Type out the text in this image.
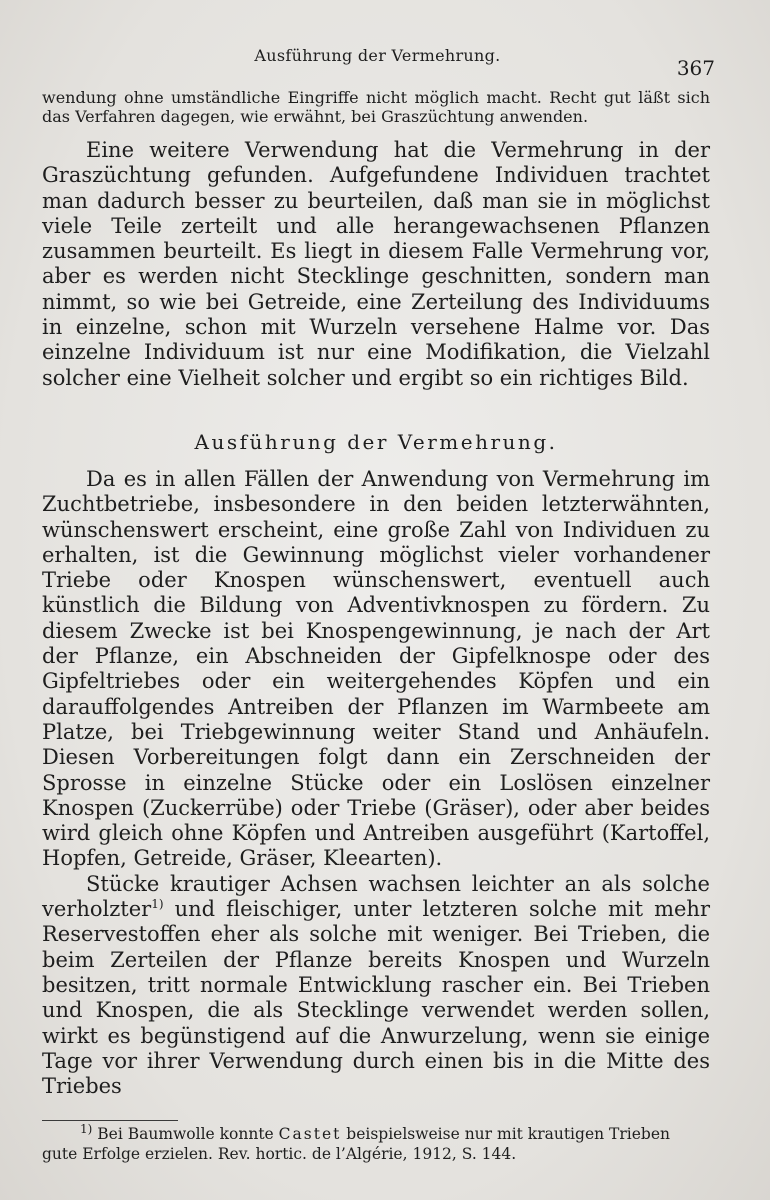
Ausführung der Vermehrung.
367

wendung ohne umständliche Eingriffe nicht möglich macht. Recht gut läßt sich das Verfahren dagegen, wie erwähnt, bei Graszüchtung anwenden.

Eine weitere Verwendung hat die Vermehrung in der Graszüchtung gefunden. Aufgefundene Individuen trachtet man dadurch besser zu beurteilen, daß man sie in möglichst viele Teile zerteilt und alle herangewachsenen Pflanzen zusammen beurteilt. Es liegt in diesem Falle Vermehrung vor, aber es werden nicht Stecklinge geschnitten, sondern man nimmt, so wie bei Getreide, eine Zerteilung des Individuums in einzelne, schon mit Wurzeln versehene Halme vor. Das einzelne Individuum ist nur eine Modifikation, die Vielzahl solcher eine Vielheit solcher und ergibt so ein richtiges Bild.

Ausführung der Vermehrung.

Da es in allen Fällen der Anwendung von Vermehrung im Zuchtbetriebe, insbesondere in den beiden letzterwähnten, wünschenswert erscheint, eine große Zahl von Individuen zu erhalten, ist die Gewinnung möglichst vieler vorhandener Triebe oder Knospen wünschenswert, eventuell auch künstlich die Bildung von Adventivknospen zu fördern. Zu diesem Zwecke ist bei Knospengewinnung, je nach der Art der Pflanze, ein Abschneiden der Gipfelknospe oder des Gipfeltriebes oder ein weitergehendes Köpfen und ein darauffolgendes Antreiben der Pflanzen im Warmbeete am Platze, bei Triebgewinnung weiter Stand und Anhäufeln. Diesen Vorbereitungen folgt dann ein Zerschneiden der Sprosse in einzelne Stücke oder ein Loslösen einzelner Knospen (Zuckerrübe) oder Triebe (Gräser), oder aber beides wird gleich ohne Köpfen und Antreiben ausgeführt (Kartoffel, Hopfen, Getreide, Gräser, Kleearten).

Stücke krautiger Achsen wachsen leichter an als solche verholzter$^{1)}$ und fleischiger, unter letzteren solche mit mehr Reservestoffen eher als solche mit weniger. Bei Trieben, die beim Zerteilen der Pflanze bereits Knospen und Wurzeln besitzen, tritt normale Entwicklung rascher ein. Bei Trieben und Knospen, die als Stecklinge verwendet werden sollen, wirkt es begünstigend auf die Anwurzelung, wenn sie einige Tage vor ihrer Verwendung durch einen bis in die Mitte des Triebes

$^{1)}$ Bei Baumwolle konnte Castet beispielsweise nur mit krautigen Trieben gute Erfolge erzielen. Rev. hortic. de l’Algérie, 1912, S. 144.
